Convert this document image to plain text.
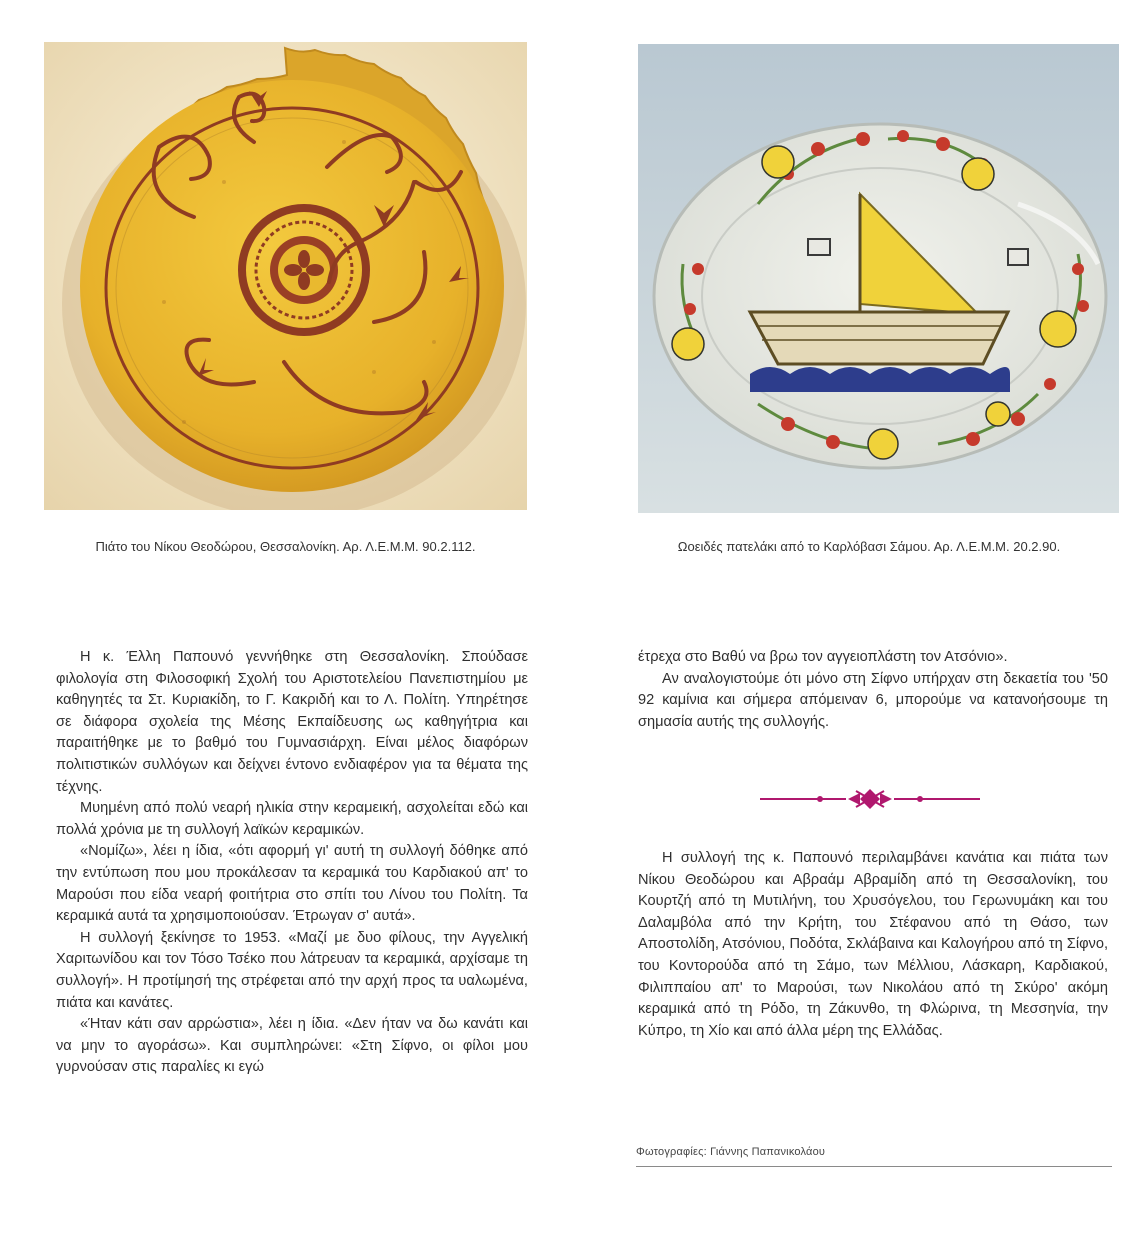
Πιάτο του Νίκου Θεοδώρου, Θεσσαλονίκη. Αρ. Λ.Ε.Μ.Μ. 90.2.112.	Ωοειδές πατελάκι από το Καρλόβασι Σάμου. Αρ. Λ.Ε.Μ.Μ. 20.2.90.

Η κ. Έλλη Παπουνό γεννήθηκε στη Θεσσαλονίκη. Σπούδασε φιλολογία στη Φιλοσοφική Σχολή του Αριστοτελείου Πανεπιστημίου με καθηγητές τα Στ. Κυριακίδη, το Γ. Κακριδή και το Λ. Πολίτη. Υπηρέτησε σε διάφορα σχολεία της Μέσης Εκπαίδευσης ως καθηγήτρια και παραιτήθηκε με το βαθμό του Γυμνασιάρχη. Είναι μέλος διαφόρων πολιτιστικών συλλόγων και δείχνει έντονο ενδιαφέρον για τα θέματα της τέχνης.

Μυημένη από πολύ νεαρή ηλικία στην κεραμεική, ασχολείται εδώ και πολλά χρόνια με τη συλλογή λαϊκών κεραμικών.

«Νομίζω», λέει η ίδια, «ότι αφορμή γι' αυτή τη συλλογή δόθηκε από την εντύπωση που μου προκάλεσαν τα κεραμικά του Καρδιακού απ' το Μαρούσι που είδα νεαρή φοιτήτρια στο σπίτι του Λίνου του Πολίτη. Τα κεραμικά αυτά τα χρησιμοποιούσαν. Έτρωγαν σ' αυτά».

Η συλλογή ξεκίνησε το 1953. «Μαζί με δυο φίλους, την Αγγελική Χαριτωνίδου και τον Τόσο Τσέκο που λάτρευαν τα κεραμικά, αρχίσαμε τη συλλογή». Η προτίμησή της στρέφεται από την αρχή προς τα υαλωμένα, πιάτα και κανάτες.

«Ήταν κάτι σαν αρρώστια», λέει η ίδια. «Δεν ήταν να δω κανάτι και να μην το αγοράσω». Και συμπληρώνει: «Στη Σίφνο, οι φίλοι μου γυρνούσαν στις παραλίες κι εγώ

έτρεχα στο Βαθύ να βρω τον αγγειοπλάστη τον Ατσόνιο».

Αν αναλογιστούμε ότι μόνο στη Σίφνο υπήρχαν στη δεκαετία του '50 92 καμίνια και σήμερα απόμειναν 6, μπορούμε να κατανοήσουμε τη σημασία αυτής της συλλογής.

Η συλλογή της κ. Παπουνό περιλαμβάνει κανάτια και πιάτα των Νίκου Θεοδώρου και Αβραάμ Αβραμίδη από τη Θεσσαλονίκη, του Κουρτζή από τη Μυτιλήνη, του Χρυσόγελου, του Γερωνυμάκη και του Δαλαμβόλα από την Κρήτη, του Στέφανου από τη Θάσο, των Αποστολίδη, Ατσόνιου, Ποδότα, Σκλάβαινα και Καλογήρου από τη Σίφνο, του Κοντορούδα από τη Σάμο, των Μέλλιου, Λάσκαρη, Καρδιακού, Φιλιππαίου απ' το Μαρούσι, των Νικολάου από τη Σκύρο' ακόμη κεραμικά από τη Ρόδο, τη Ζάκυνθο, τη Φλώρινα, τη Μεσσηνία, την Κύπρο, τη Χίο και από άλλα μέρη της Ελλάδας.

Φωτογραφίες: Γιάννης Παπανικολάου
